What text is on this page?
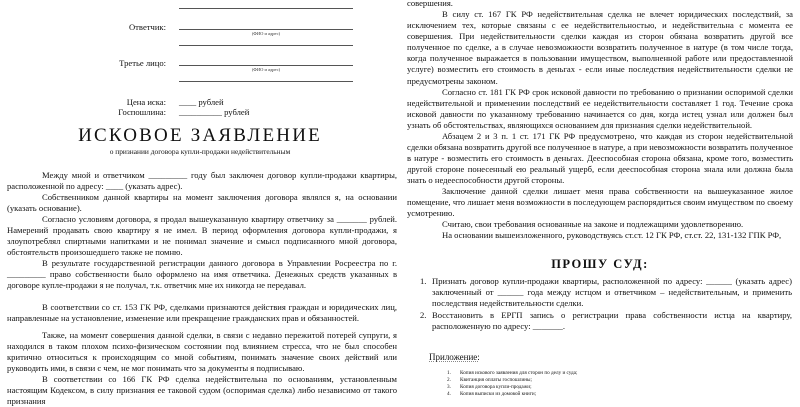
Ответчик:
(ФИО и адрес)
Третье лицо:
(ФИО и адрес)
Цена иска: ____ рублей
Госпошлина: __________ рублей
ИСКОВОЕ ЗАЯВЛЕНИЕ
о признании договора купли-продажи недействительным
Между мной и ответчиком _________ году был заключен договор купли-продажи квартиры, расположенной по адресу: ____ (указать адрес).
Собственником данной квартиры на момент заключения договора являлся я, на основании (указать основание).
Согласно условиям договора, я продал вышеуказанную квартиру ответчику за _______ рублей. Намерений продавать свою квартиру я не имел. В период оформления договора купли-продажи, я злоупотреблял спиртными напитками и не понимал значение и смысл подписанного мной договора, обстоятельств произошедшего также не помню.
В результате государственной регистрации данного договора в Управлении Росреестра по г. _________ право собственности было оформлено на имя ответчика. Денежных средств указанных в договоре купле-продажи я не получал, т.к. ответчик мне их никогда не передавал.
В соответствии со ст. 153 ГК РФ, сделками признаются действия граждан и юридических лиц, направленные на установление, изменение или прекращение гражданских прав и обязанностей.
Также, на момент совершения данной сделки, в связи с недавно пережитой потерей супруги, я находился в таком плохом психо-физическом состоянии под влиянием стресса, что не был способен критично относиться к происходящим со мной событиям, понимать значение своих действий или руководить ими, в связи с чем, не мог понимать что за документы я подписываю.
В соответствии со 166 ГК РФ сделка недействительна по основаниям, установленным настоящим Кодексом, в силу признания ее таковой судом (оспоримая сделка) либо независимо от такого признания
совершения.
В силу ст. 167 ГК РФ недействительная сделка не влечет юридических последствий, за исключением тех, которые связаны с ее недействительностью, и недействительна с момента ее совершения. При недействительности сделки каждая из сторон обязана возвратить другой все полученное по сделке, а в случае невозможности возвратить полученное в натуре (в том числе тогда, когда полученное выражается в пользовании имуществом, выполненной работе или предоставленной услуге) возместить его стоимость в деньгах - если иные последствия недействительности сделки не предусмотрены законом.
Согласно ст. 181 ГК РФ срок исковой давности по требованию о признании оспоримой сделки недействительной и применении последствий ее недействительности составляет 1 год. Течение срока исковой давности по указанному требованию начинается со дня, когда истец узнал или должен был узнать об обстоятельствах, являющихся основанием для признания сделки недействительной.
Абзацем 2 и 3 п. 1 ст. 171 ГК РФ предусмотрено, что каждая из сторон недействительной сделки обязана возвратить другой все полученное в натуре, а при невозможности возвратить полученное в натуре - возместить его стоимость в деньгах. Дееспособная сторона обязана, кроме того, возместить другой стороне понесенный ею реальный ущерб, если дееспособная сторона знала или должна была знать о недееспособности другой стороны.
Заключение данной сделки лишает меня права собственности на вышеуказанное жилое помещение, что лишает меня возможности в последующем распорядиться своим имуществом по своему усмотрению.
Считаю, свои требования основанные на законе и подлежащими удовлетворению.
На основании вышеизложенного, руководствуясь ст.ст. 12 ГК РФ, ст.ст. 22, 131-132 ГПК РФ,
ПРОШУ СУД:
1. Признать договор купли-продажи квартиры, расположенной по адресу: ______ (указать адрес) заключенный от ______ года между истцом и ответчиком – недействительным, и применить последствия недействительности сделки.
2. Восстановить в ЕРГП запись о регистрации права собственности истца на квартиру, расположенную по адресу: _______.
Приложение:
1. Копия искового заявления для сторон по делу и суда;
2. Квитанция оплаты госпошлины;
3. Копия договора купли-продажи;
4. Копия выписки из домовой книги;
